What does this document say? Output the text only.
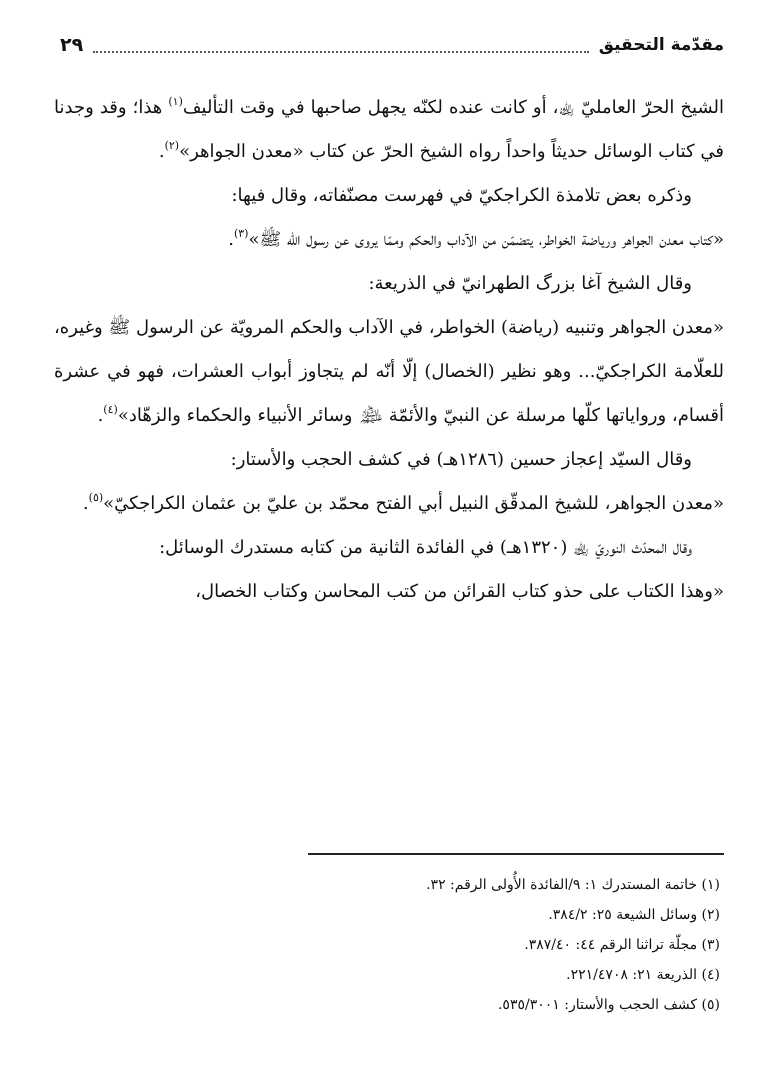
مقدّمة التحقيق
٢٩

الشيخ الحرّ العامليّ ﵀، أو كانت عنده لكنّه يجهل صاحبها في وقت التأليف$^{(١)}$ هذا؛ وقد وجدنا في كتاب الوسائل حديثاً واحداً رواه الشيخ الحرّ عن كتاب «معدن الجواهر»$^{(٢)}$.

وذكره بعض تلامذة الكراجكيّ في فهرست مصنّفاته، وقال فيها:

«كتاب معدن الجواهر ورياضة الخواطر، يتضمّن من الآداب والحكم وممّا يروى عن رسول الله ﷺ»$^{(٣)}$.

وقال الشيخ آغا بزرگ الطهرانيّ في الذريعة:

«معدن الجواهر وتنبيه (رياضة) الخواطر، في الآداب والحكم المرويّة عن الرسول ﷺ وغيره، للعلّامة الكراجكيّ... وهو نظير (الخصال) إلّا أنّه لم يتجاوز أبواب العشرات، فهو في عشرة أقسام، ورواياتها كلّها مرسلة عن النبيّ والأئمّة ﵈ وسائر الأنبياء والحكماء والزهّاد»$^{(٤)}$.

وقال السيّد إعجاز حسين (١٢٨٦هـ) في كشف الحجب والأستار:

«معدن الجواهر، للشيخ المدقّق النبيل أبي الفتح محمّد بن عليّ بن عثمان الكراجكيّ»$^{(٥)}$.

وقال المحدّث النوريّ ﵀ (١٣٢٠هـ) في الفائدة الثانية من كتابه مستدرك الوسائل:

«وهذا الكتاب على حذو كتاب القرائن من كتب المحاسن وكتاب الخصال،

(١) خاتمة المستدرك ١: ٩/الفائدة الأُولى الرقم: ٣٢.

(٢) وسائل الشيعة ٢٥: ٣٨٤/٢.

(٣) مجلّة تراثنا الرقم ٤٤: ٣٨٧/٤٠.

(٤) الذريعة ٢١: ٢٢١/٤٧٠٨.

(٥) كشف الحجب والأستار: ٥٣٥/٣٠٠١.
